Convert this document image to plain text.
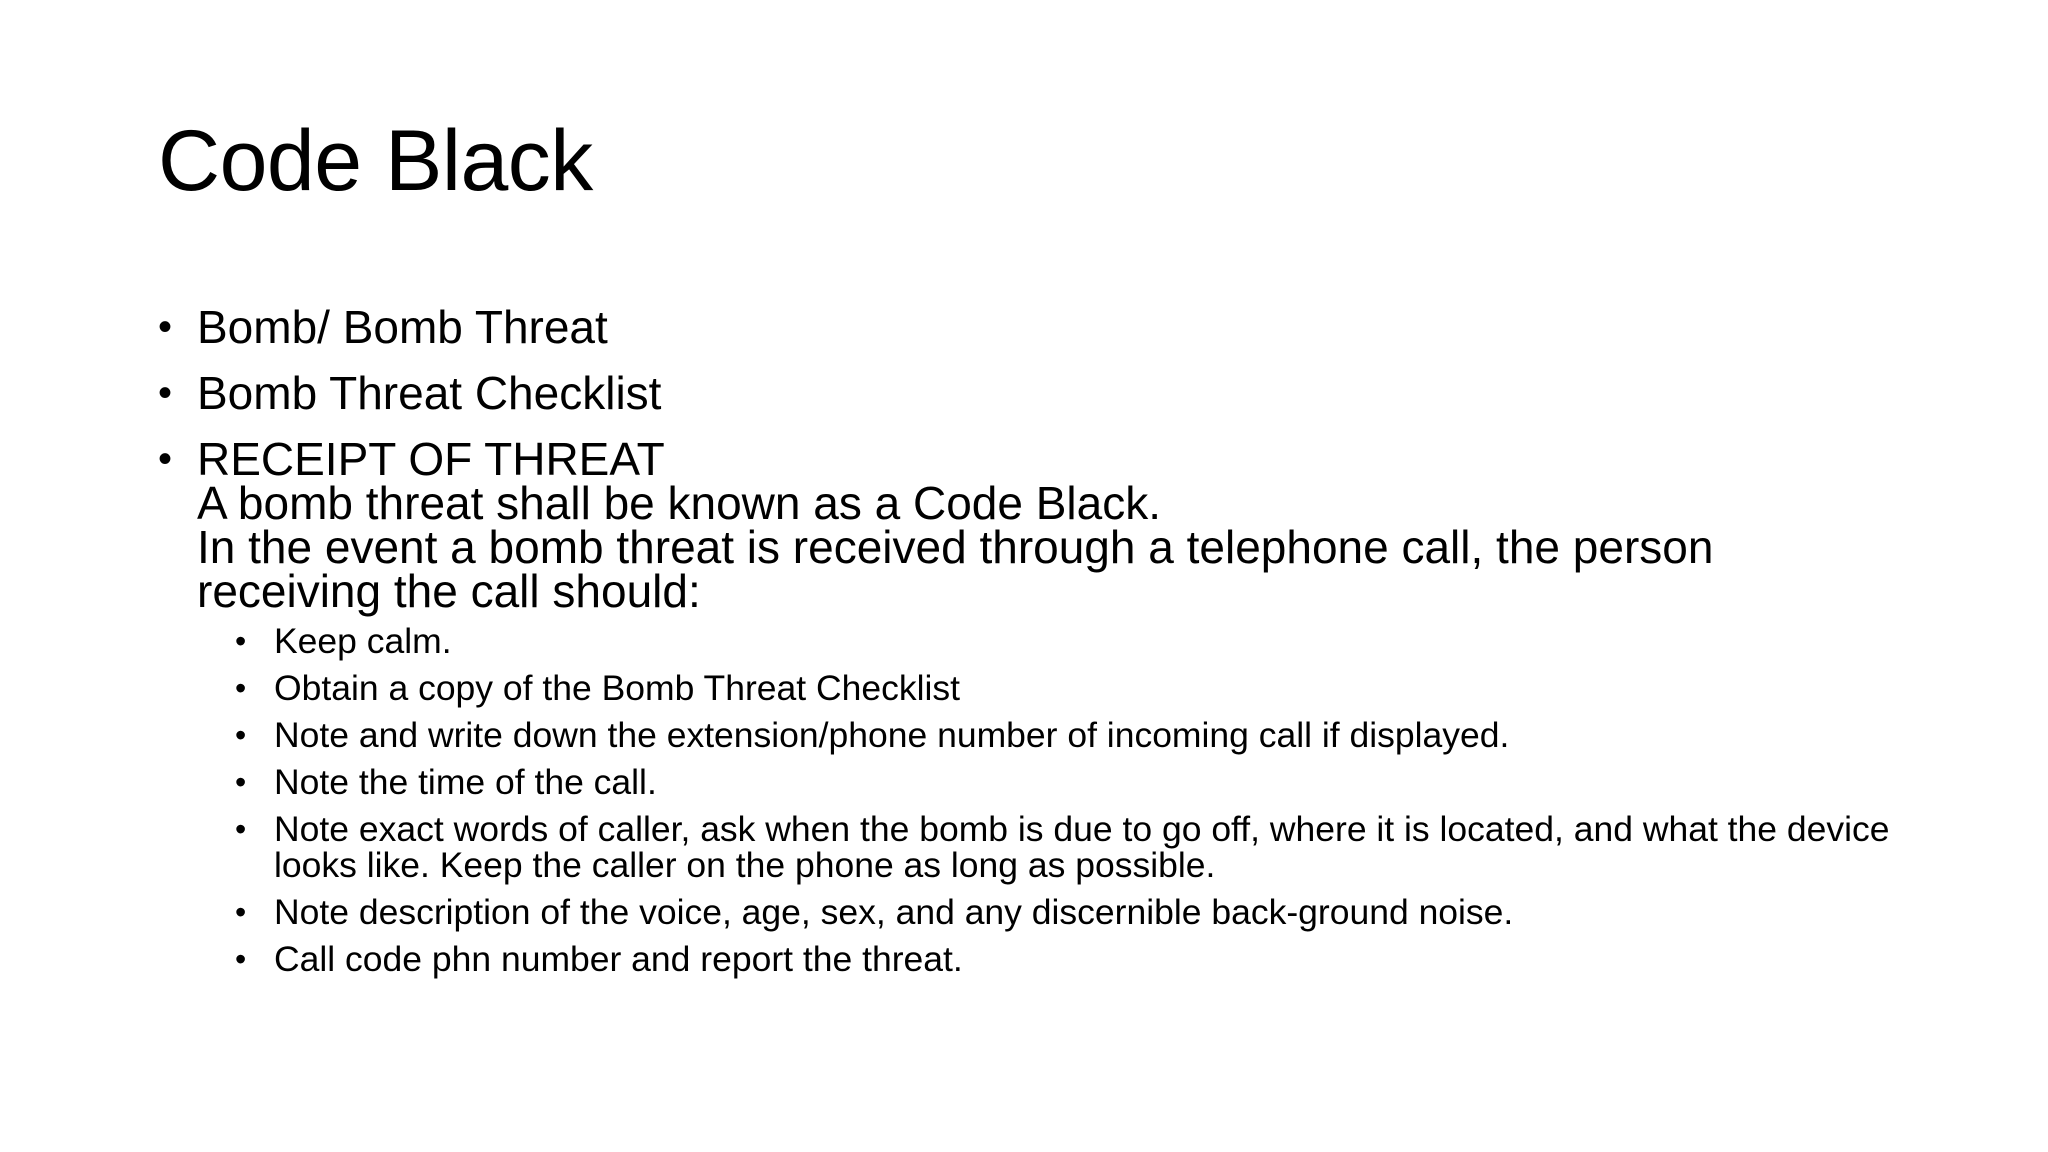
Code Black
• Bomb/ Bomb Threat
• Bomb Threat Checklist
• RECEIPT OF THREAT
A bomb threat shall be known as a Code Black.
In the event a bomb threat is received through a telephone call, the person
receiving the call should:
• Keep calm.
• Obtain a copy of the Bomb Threat Checklist
• Note and write down the extension/phone number of incoming call if displayed.
• Note the time of the call.
• Note exact words of caller, ask when the bomb is due to go off, where it is located, and what the device looks like. Keep the caller on the phone as long as possible.
• Note description of the voice, age, sex, and any discernible back-ground noise.
• Call code phn number and report the threat.
